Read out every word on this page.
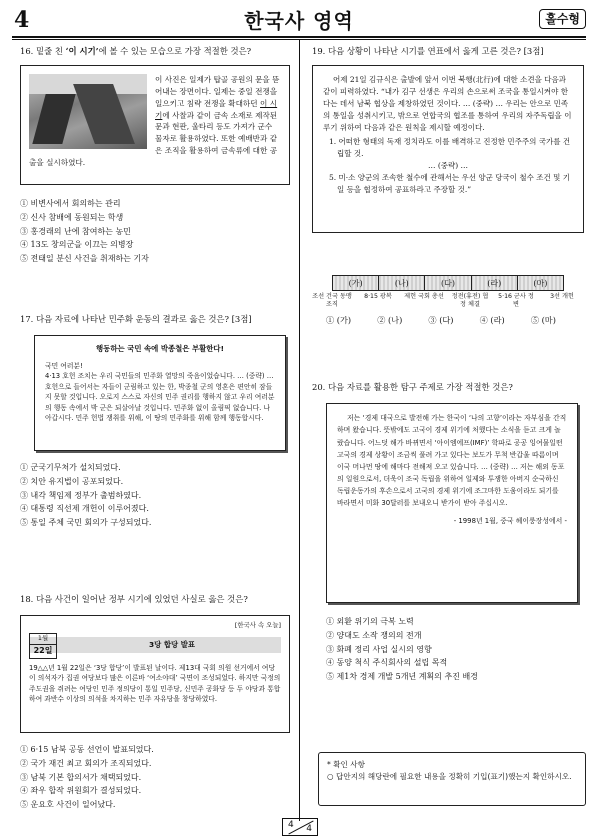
4	한국사 영역	홀수형
16. 밑줄 친 ‘이 시기’에 볼 수 있는 모습으로 가장 적절한 것은?
이 사진은 일제가 탑골 공원의 문을 뜯어내는 장면이다. 일제는 중일 전쟁을 일으키고 침략 전쟁을 확대하던 이 시기에 사찰과 같이 금속 소재로 제작된 문과 현판, 울타리 등도 가져가 군수 물자로 활용하였다. 또한 예배반과 같은 조직을 활용하여 금속류에 대한 공출을 실시하였다.
① 비변사에서 회의하는 관리
② 신사 참배에 동원되는 학생
③ 홍경래의 난에 참여하는 농민
④ 13도 창의군을 이끄는 의병장
⑤ 전태일 분신 사건을 취재하는 기자
17. 다음 자료에 나타난 민주화 운동의 결과로 옳은 것은? [3점]
행동하는 국민 속에 박종철은 부활한다!
국민 여러분!
4·13 호헌 조치는 우리 국민들의 민주화 열망의 죽음이었습니다. … (중략) … 호헌으로 들어서는 자들이 군림하고 있는 한, 박종철 군의 영혼은 편안히 잠들지 못할 것입니다. 오로지 스스로 자신의 민주 권리를 행하지 않고 우리 여러분의 행동 속에서 박 군은 되살아날 것입니다. 민주화 없이 올림픽 없습니다. 나아갑시다. 민주 헌법 쟁취를 위해, 이 땅의 민주화를 위해 함께 행동합시다.
① 군국기무처가 설치되었다.
② 치안 유지법이 공포되었다.
③ 내각 책임제 정부가 출범하였다.
④ 대통령 직선제 개헌이 이루어졌다.
⑤ 통일 주체 국민 회의가 구성되었다.
18. 다음 사건이 일어난 정부 시기에 있었던 사실로 옳은 것은?
[한국사 속 오늘]
1월
22일
3당 합당 발표
19△△년 1월 22일은 ‘3당 합당’이 발표된 날이다. 제13대 국회 의원 선거에서 여당이 의석자가 집권 여당보다 많은 이른바 ‘여소야대’ 국면이 조성되었다. 하지만 국정의 주도권을 쥐려는 여당인 민주 정의당이 통일 민주당, 신민주 공화당 등 두 야당과 통합하여 과반수 이상의 의석을 차지하는 민주 자유당을 창당하였다.
① 6·15 남북 공동 선언이 발표되었다.
② 국가 재건 최고 회의가 조직되었다.
③ 남북 기본 합의서가 채택되었다.
④ 좌우 합작 위원회가 결성되었다.
⑤ 운요호 사건이 일어났다.
19. 다음 상황이 나타난 시기를 연표에서 옳게 고른 것은? [3점]
어제 21일 김규식은 출발에 앞서 이번 북행(北行)에 대한 소견을 다음과 같이 피력하였다. “내가 김구 선생은 우리의 손으로써 조국을 통일시켜야 한다는 데서 남북 협상을 제창하였던 것이다. … (중략) … 우리는 안으로 민족의 통일을 성취시키고, 밖으로 연합국의 협조를 통하여 우리의 자주독립을 이루기 위하여 다음과 같은 원칙을 제시할 예정이다.
1. 어떠한 형태의 독재 정치라도 이를 배격하고 진정한 민주주의 국가를 건립할 것.
… (중략) …
5. 미·소 양군의 조속한 철수에 관해서는 우선 양군 당국이 철수 조건 및 기일 등을 협정하여 공표하라고 주장할 것.”
(가)	(나)	(다)	(라)	(마)
조선 건국 동맹 조직
8·15 광복	제헌 국회 총선 정전(휴전) 협정 체결
5·16 군사 정변
3선 개헌
① (가)	② (나)	③ (다)	④ (라)	⑤ (마)
20. 다음 자료를 활용한 탐구 주제로 가장 적절한 것은?
저는 ‘경제 대국으로 발전해 가는 한국이 ‘나의 고향’이라는 자부심을 간직하며 왔습니다. 뜻밖에도 고국이 경제 위기에 처했다는 소식을 듣고 크게 놀랐습니다. 어느덧 해가 바뀌면서 ‘아이엠에프(IMF)’ 학파로 공공 잉여물일떤 고국의 경제 상황이 조금씩 풀려 가고 있다는 보도가 무척 반갑울 따름이며 이국 머나먼 땅에 해마다 전해져 오고 있습니다. … (중략) … 저는 해외 동포의 일원으로서, 더욱이 조국 독립을 위하여 일제와 투쟁한 아버지 순국하신 독립운동가의 후손으로서 고국의 경제 위기에 조그마한 도움이라도 되기를 바라면서 미화 30달러를 보내오니 받가이 받아 주십시오.
- 1998년 1월, 중국 헤이룽장성에서 -
① 외환 위기의 극복 노력
② 양대도 소작 쟁의의 전개
③ 화폐 정리 사업 실시의 영향
④ 동양 척식 주식회사의 설립 목적
⑤ 제1차 경제 개발 5개년 계획의 추진 배경
* 확인 사항
○ 답안지의 해당란에 필요한 내용을 정확히 기입(표기)했는지 확인하시오.
4 4
